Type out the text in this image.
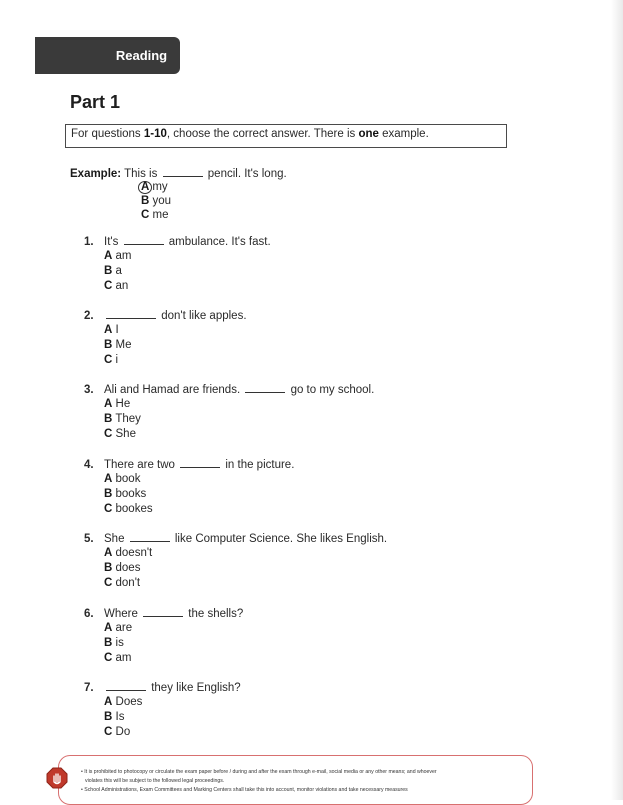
Reading
Part 1
For questions 1-10, choose the correct answer. There is one example.
Example: This is	pencil. It's long.
A my
B you
C me
1. It's	ambulance. It's fast.
A am
B a
C an
2.	don't like apples.
A I
B Me
C i
3. Ali and Hamad are friends.	go to my school.
A He
B They
C She
4. There are two	in the picture.
A book
B books
C bookes
5. She	like Computer Science. She likes English.
A doesn't
B does
C don't
6. Where	the shells?
A are
B is
C am
7.	they like English?
A Does
B Is
C Do
• It is prohibited to photocopy or circulate the exam paper before / during and after the exam through e-mail, social media or any other means; and whoever
violates this will be subject to the followed legal proceedings.
• School Administrations, Exam Committees and Marking Centers shall take this into account, monitor violations and take necessary measures
